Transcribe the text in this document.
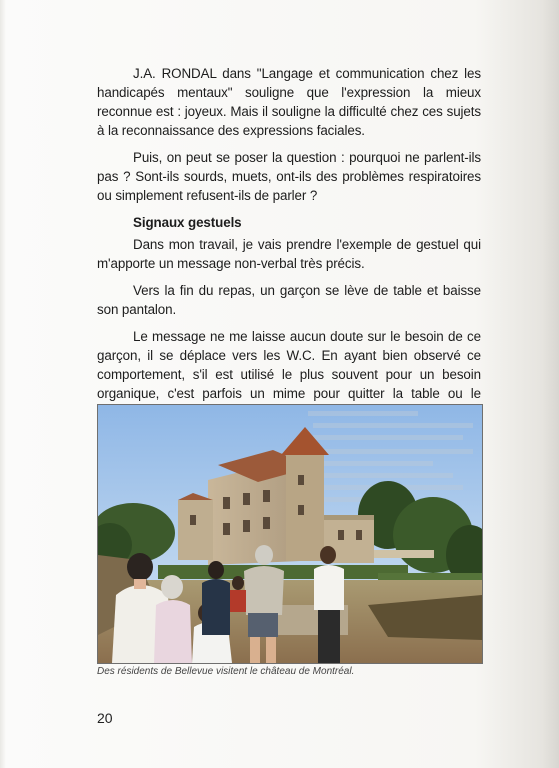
J.A. RONDAL dans "Langage et communication chez les handicapés mentaux" souligne que l'expression la mieux reconnue est : joyeux. Mais il souligne la difficulté chez ces sujets à la reconnaissance des expressions faciales.

Puis, on peut se poser la question : pourquoi ne parlent-ils pas ? Sont-ils sourds, muets, ont-ils des problèmes respiratoires ou simplement refusent-ils de parler ?

Signaux gestuels

Dans mon travail, je vais prendre l'exemple de gestuel qui m'apporte un message non-verbal très précis.

Vers la fin du repas, un garçon se lève de table et baisse son pantalon.

Le message ne me laisse aucun doute sur le besoin de ce garçon, il se déplace vers les W.C. En ayant bien observé ce comportement, s'il est utilisé le plus souvent pour un besoin organique, c'est parfois un mime pour quitter la table ou le

Des résidents de Bellevue visitent le château de Montréal.
20
